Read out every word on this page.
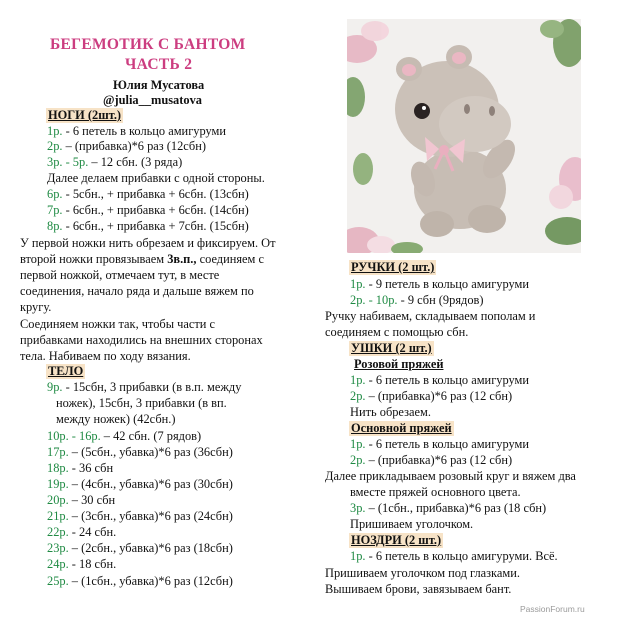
БЕГЕМОТИК С БАНТОМ
ЧАСТЬ 2
Юлия Мусатова
@julia__musatova
НОГИ (2шт.)
1р. - 6 петель в кольцо амигуруми
2р. – (прибавка)*6 раз (12сбн)
3р. - 5р. – 12 сбн. (3 ряда)
Далее делаем прибавки с одной стороны.
6р. - 5сбн., + прибавка + 6сбн. (13сбн)
7р. - 6сбн., + прибавка + 6сбн. (14сбн)
8р. - 6сбн., + прибавка + 7сбн. (15сбн)
У первой ножки нить обрезаем и фиксируем. От
второй ножки провязываем 3в.п., соединяем с
первой ножкой, отмечаем тут, в месте
соединения, начало ряда и дальше вяжем по
кругу.
Соединяем ножки так, чтобы части с
прибавками находились на внешних сторонах
тела. Набиваем по ходу вязания.
ТЕЛО
9р. - 15сбн, 3 прибавки (в в.п. между
ножек), 15сбн, 3 прибавки (в вп.
между ножек) (42сбн.)
10р. - 16р. – 42 сбн. (7 рядов)
17р. – (5сбн., убавка)*6 раз (36сбн)
18р. - 36 сбн
19р. – (4сбн., убавка)*6 раз (30сбн)
20р. – 30 сбн
21р. – (3сбн., убавка)*6 раз (24сбн)
22р. - 24 сбн.
23р. – (2сбн., убавка)*6 раз (18сбн)
24р. - 18 сбн.
25р. – (1сбн., убавка)*6 раз (12сбн)
РУЧКИ (2 шт.)
1р. - 9 петель в кольцо амигуруми
2р. - 10р. - 9 сбн (9рядов)
Ручку набиваем, складываем пополам и
соединяем с помощью сбн.
УШКИ (2 шт.)
Розовой пряжей
1р. - 6 петель в кольцо амигуруми
2р. – (прибавка)*6 раз (12 сбн)
Нить обрезаем.
Основной пряжей
1р. - 6 петель в кольцо амигуруми
2р. – (прибавка)*6 раз (12 сбн)
Далее прикладываем розовый круг и вяжем два
вместе пряжей основного цвета.
3р. – (1сбн., прибавка)*6 раз (18 сбн)
Пришиваем уголочком.
НОЗДРИ (2 шт.)
1р. - 6 петель в кольцо амигуруми. Всё.
Пришиваем уголочком под глазками.
Вышиваем брови, завязываем бант.
PassionForum.ru
